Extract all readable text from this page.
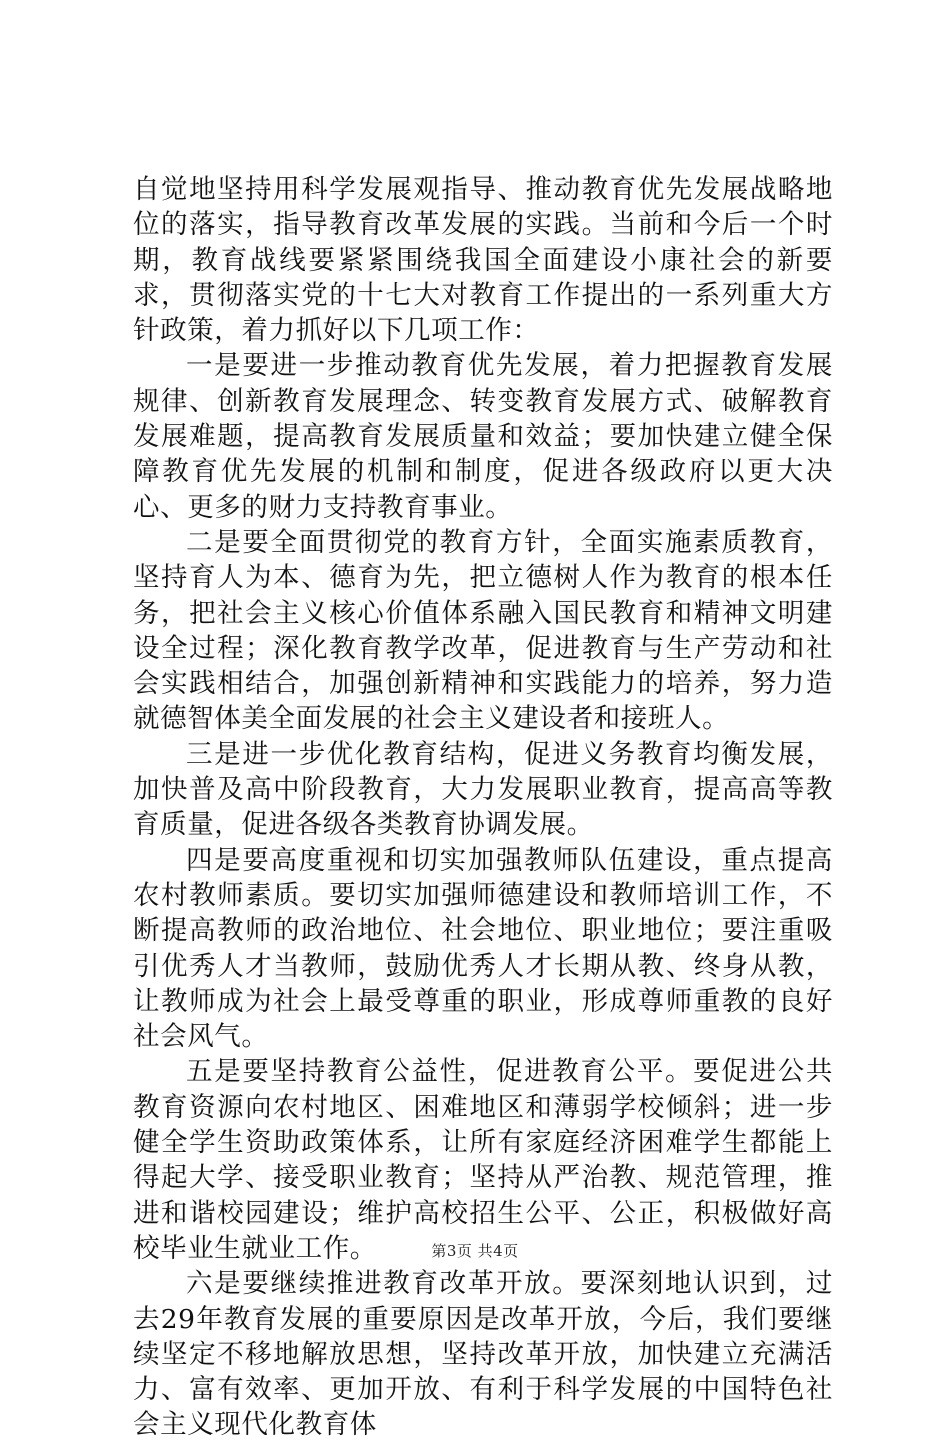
自觉地坚持用科学发展观指导、推动教育优先发展战略地位的落实，指导教育改革发展的实践。当前和今后一个时期，教育战线要紧紧围绕我国全面建设小康社会的新要求，贯彻落实党的十七大对教育工作提出的一系列重大方针政策，着力抓好以下几项工作：

一是要进一步推动教育优先发展，着力把握教育发展规律、创新教育发展理念、转变教育发展方式、破解教育发展难题，提高教育发展质量和效益；要加快建立健全保障教育优先发展的机制和制度，促进各级政府以更大决心、更多的财力支持教育事业。

二是要全面贯彻党的教育方针，全面实施素质教育，坚持育人为本、德育为先，把立德树人作为教育的根本任务，把社会主义核心价值体系融入国民教育和精神文明建设全过程；深化教育教学改革，促进教育与生产劳动和社会实践相结合，加强创新精神和实践能力的培养，努力造就德智体美全面发展的社会主义建设者和接班人。

三是进一步优化教育结构，促进义务教育均衡发展，加快普及高中阶段教育，大力发展职业教育，提高高等教育质量，促进各级各类教育协调发展。

四是要高度重视和切实加强教师队伍建设，重点提高农村教师素质。要切实加强师德建设和教师培训工作，不断提高教师的政治地位、社会地位、职业地位；要注重吸引优秀人才当教师，鼓励优秀人才长期从教、终身从教，让教师成为社会上最受尊重的职业，形成尊师重教的良好社会风气。

五是要坚持教育公益性，促进教育公平。要促进公共教育资源向农村地区、困难地区和薄弱学校倾斜；进一步健全学生资助政策体系，让所有家庭经济困难学生都能上得起大学、接受职业教育；坚持从严治教、规范管理，推进和谐校园建设；维护高校招生公平、公正，积极做好高校毕业生就业工作。

六是要继续推进教育改革开放。要深刻地认识到，过去29年教育发展的重要原因是改革开放，今后，我们要继续坚定不移地解放思想，坚持改革开放，加快建立充满活力、富有效率、更加开放、有利于科学发展的中国特色社会主义现代化教育体

第3页 共4页
